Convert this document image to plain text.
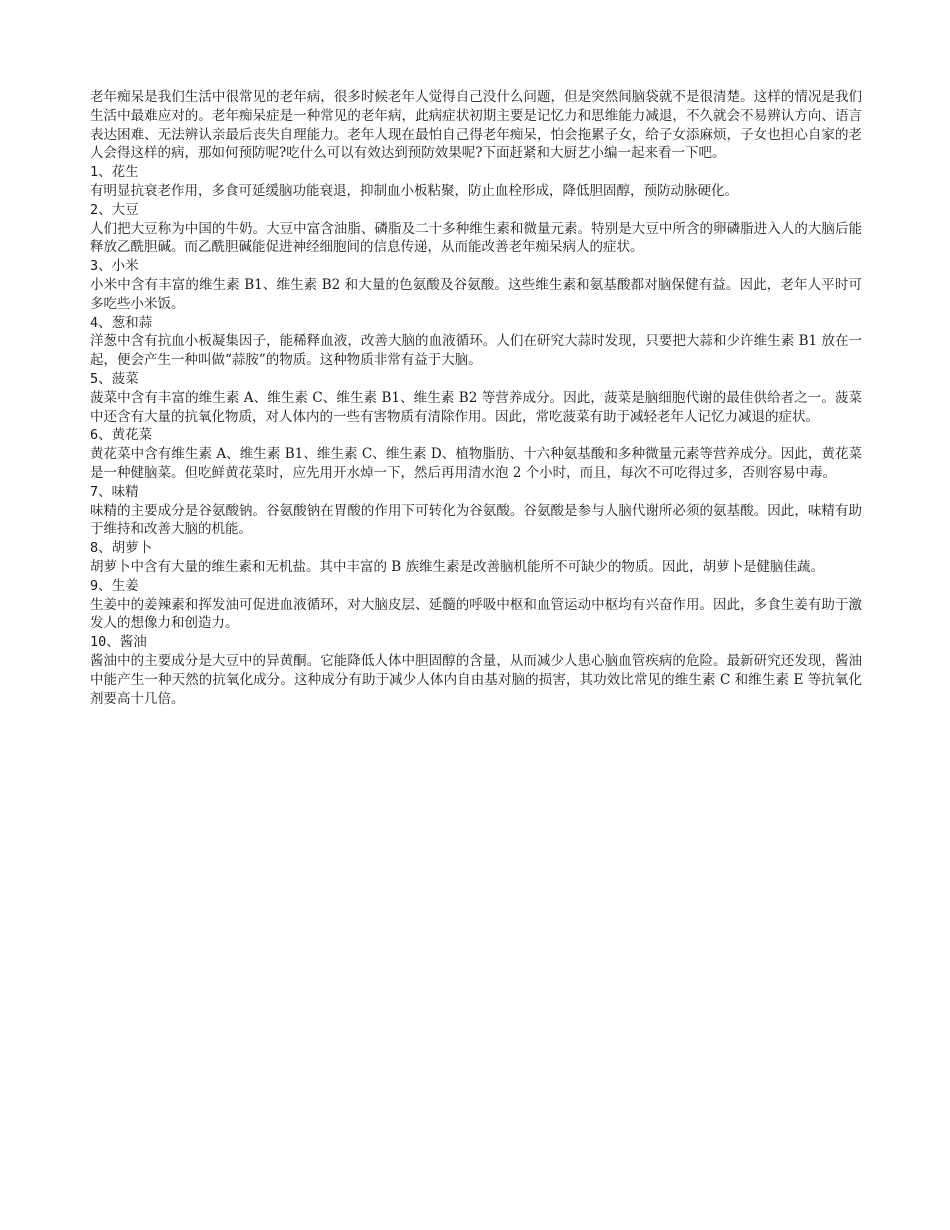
老年痴呆是我们生活中很常见的老年病，很多时候老年人觉得自己没什么问题，但是突然间脑袋就不是很清楚。这样的情况是我们生活中最难应对的。老年痴呆症是一种常见的老年病，此病症状初期主要是记忆力和思维能力减退，不久就会不易辨认方向、语言表达困难、无法辨认亲最后丧失自理能力。老年人现在最怕自己得老年痴呆，怕会拖累子女，给子女添麻烦，子女也担心自家的老人会得这样的病，那如何预防呢?吃什么可以有效达到预防效果呢?下面赶紧和大厨艺小编一起来看一下吧。

1、花生

有明显抗衰老作用，多食可延缓脑功能衰退，抑制血小板粘聚，防止血栓形成，降低胆固醇，预防动脉硬化。

2、大豆

人们把大豆称为中国的牛奶。大豆中富含油脂、磷脂及二十多种维生素和微量元素。特别是大豆中所含的卵磷脂进入人的大脑后能释放乙酰胆碱。而乙酰胆碱能促进神经细胞间的信息传递，从而能改善老年痴呆病人的症状。

3、小米

小米中含有丰富的维生素 B1、维生素 B2 和大量的色氨酸及谷氨酸。这些维生素和氨基酸都对脑保健有益。因此，老年人平时可多吃些小米饭。

4、葱和蒜

洋葱中含有抗血小板凝集因子，能稀释血液，改善大脑的血液循环。人们在研究大蒜时发现，只要把大蒜和少许维生素 B1 放在一起，便会产生一种叫做“蒜胺”的物质。这种物质非常有益于大脑。

5、菠菜

菠菜中含有丰富的维生素 A、维生素 C、维生素 B1、维生素 B2 等营养成分。因此，菠菜是脑细胞代谢的最佳供给者之一。菠菜中还含有大量的抗氧化物质，对人体内的一些有害物质有清除作用。因此，常吃菠菜有助于减轻老年人记忆力减退的症状。

6、黄花菜

黄花菜中含有维生素 A、维生素 B1、维生素 C、维生素 D、植物脂肪、十六种氨基酸和多种微量元素等营养成分。因此，黄花菜是一种健脑菜。但吃鲜黄花菜时，应先用开水焯一下，然后再用清水泡 2 个小时，而且，每次不可吃得过多，否则容易中毒。

7、味精

味精的主要成分是谷氨酸钠。谷氨酸钠在胃酸的作用下可转化为谷氨酸。谷氨酸是参与人脑代谢所必须的氨基酸。因此，味精有助于维持和改善大脑的机能。

8、胡萝卜

胡萝卜中含有大量的维生素和无机盐。其中丰富的 B 族维生素是改善脑机能所不可缺少的物质。因此，胡萝卜是健脑佳蔬。

9、生姜

生姜中的姜辣素和挥发油可促进血液循环，对大脑皮层、延髓的呼吸中枢和血管运动中枢均有兴奋作用。因此，多食生姜有助于激发人的想像力和创造力。

10、酱油

酱油中的主要成分是大豆中的异黄酮。它能降低人体中胆固醇的含量，从而减少人患心脑血管疾病的危险。最新研究还发现，酱油中能产生一种天然的抗氧化成分。这种成分有助于减少人体内自由基对脑的损害，其功效比常见的维生素 C 和维生素 E 等抗氧化剂要高十几倍。
